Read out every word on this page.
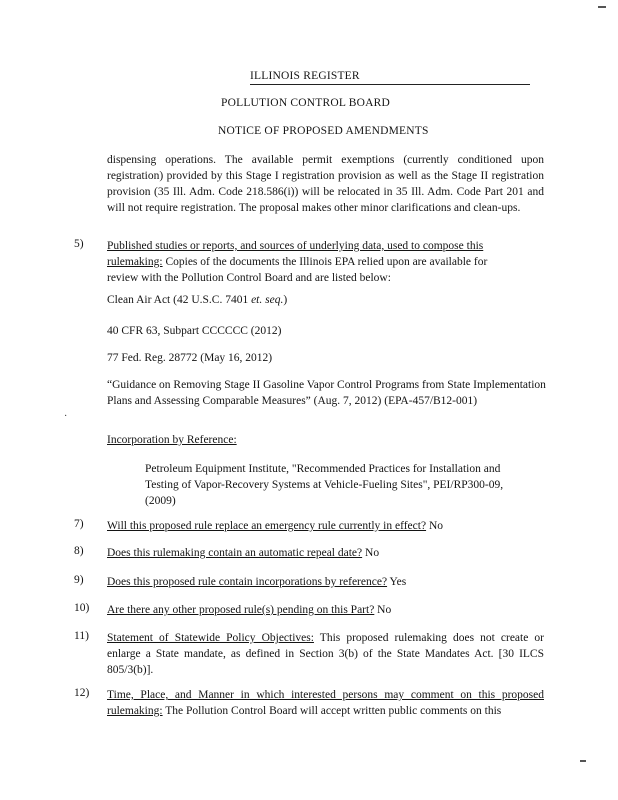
ILLINOIS REGISTER
POLLUTION CONTROL BOARD
NOTICE OF PROPOSED AMENDMENTS
dispensing operations. The available permit exemptions (currently conditioned upon registration) provided by this Stage I registration provision as well as the Stage II registration provision (35 Ill. Adm. Code 218.586(i)) will be relocated in 35 Ill. Adm. Code Part 201 and will not require registration. The proposal makes other minor clarifications and clean-ups.
5) Published studies or reports, and sources of underlying data, used to compose this rulemaking: Copies of the documents the Illinois EPA relied upon are available for review with the Pollution Control Board and are listed below:
Clean Air Act (42 U.S.C. 7401 et. seq.)
40 CFR 63, Subpart CCCCCC (2012)
77 Fed. Reg. 28772 (May 16, 2012)
“Guidance on Removing Stage II Gasoline Vapor Control Programs from State Implementation Plans and Assessing Comparable Measures” (Aug. 7, 2012) (EPA-457/B12-001)
·
Incorporation by Reference:
Petroleum Equipment Institute, "Recommended Practices for Installation and Testing of Vapor-Recovery Systems at Vehicle-Fueling Sites", PEI/RP300-09, (2009)
7) Will this proposed rule replace an emergency rule currently in effect? No
8) Does this rulemaking contain an automatic repeal date? No
9) Does this proposed rule contain incorporations by reference? Yes
10) Are there any other proposed rule(s) pending on this Part? No
11) Statement of Statewide Policy Objectives: This proposed rulemaking does not create or enlarge a State mandate, as defined in Section 3(b) of the State Mandates Act. [30 ILCS 805/3(b)].
12) Time, Place, and Manner in which interested persons may comment on this proposed rulemaking: The Pollution Control Board will accept written public comments on this
